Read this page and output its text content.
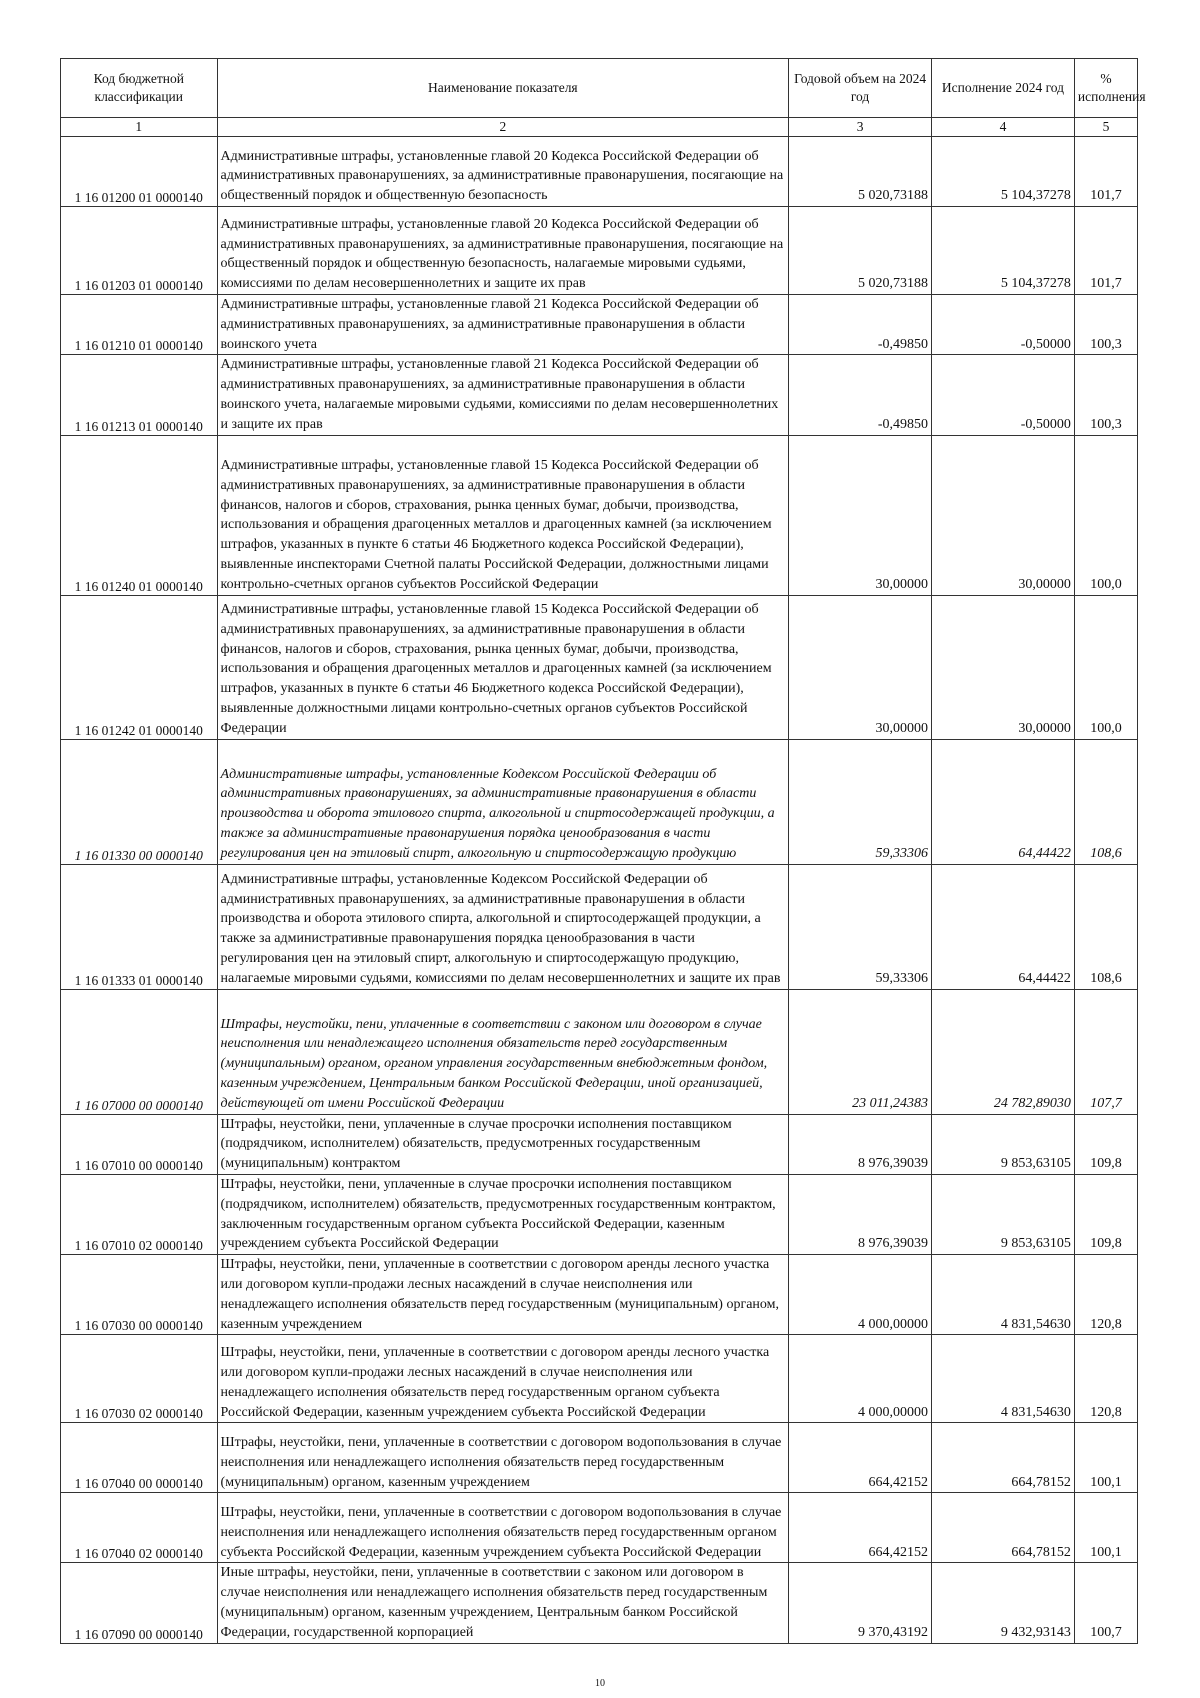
Код бюджетной классификации	Наименование показателя	Годовой объем на 2024 год	Исполнение 2024 год	% исполнения
1	2	3	4	5
1 16 01200 01 0000140	Административные штрафы, установленные главой 20 Кодекса Российской Федерации об административных правонарушениях, за административные правонарушения, посягающие на общественный порядок и общественную безопасность	5 020,73188	5 104,37278	101,7
1 16 01203 01 0000140	Административные штрафы, установленные главой 20 Кодекса Российской Федерации об административных правонарушениях, за административные правонарушения, посягающие на общественный порядок и общественную безопасность, налагаемые мировыми судьями, комиссиями по делам несовершеннолетних и защите их прав	5 020,73188	5 104,37278	101,7
1 16 01210 01 0000140	Административные штрафы, установленные главой 21 Кодекса Российской Федерации об административных правонарушениях, за административные правонарушения в области воинского учета	-0,49850	-0,50000	100,3
1 16 01213 01 0000140	Административные штрафы, установленные главой 21 Кодекса Российской Федерации об административных правонарушениях, за административные правонарушения в области воинского учета, налагаемые мировыми судьями, комиссиями по делам несовершеннолетних и защите их прав	-0,49850	-0,50000	100,3
1 16 01240 01 0000140	Административные штрафы, установленные главой 15 Кодекса Российской Федерации об административных правонарушениях, за административные правонарушения в области финансов, налогов и сборов, страхования, рынка ценных бумаг, добычи, производства, использования и обращения драгоценных металлов и драгоценных камней (за исключением штрафов, указанных в пункте 6 статьи 46 Бюджетного кодекса Российской Федерации), выявленные инспекторами Счетной палаты Российской Федерации, должностными лицами контрольно-счетных органов субъектов Российской Федерации	30,00000	30,00000	100,0
1 16 01242 01 0000140	Административные штрафы, установленные главой 15 Кодекса Российской Федерации об административных правонарушениях, за административные правонарушения в области финансов, налогов и сборов, страхования, рынка ценных бумаг, добычи, производства, использования и обращения драгоценных металлов и драгоценных камней (за исключением штрафов, указанных в пункте 6 статьи 46 Бюджетного кодекса Российской Федерации), выявленные должностными лицами контрольно-счетных органов субъектов Российской Федерации	30,00000	30,00000	100,0
1 16 01330 00 0000140	Административные штрафы, установленные Кодексом Российской Федерации об административных правонарушениях, за административные правонарушения в области производства и оборота этилового спирта, алкогольной и спиртосодержащей продукции, а также за административные правонарушения порядка ценообразования в части регулирования цен на этиловый спирт, алкогольную и спиртосодержащую продукцию	59,33306	64,44422	108,6
1 16 01333 01 0000140	Административные штрафы, установленные Кодексом Российской Федерации об административных правонарушениях, за административные правонарушения в области производства и оборота этилового спирта, алкогольной и спиртосодержащей продукции, а также за административные правонарушения порядка ценообразования в части регулирования цен на этиловый спирт, алкогольную и спиртосодержащую продукцию, налагаемые мировыми судьями, комиссиями по делам несовершеннолетних и защите их прав	59,33306	64,44422	108,6
1 16 07000 00 0000140	Штрафы, неустойки, пени, уплаченные в соответствии с законом или договором в случае неисполнения или ненадлежащего исполнения обязательств перед государственным (муниципальным) органом, органом управления государственным внебюджетным фондом, казенным учреждением, Центральным банком Российской Федерации, иной организацией, действующей от имени Российской Федерации	23 011,24383	24 782,89030	107,7
1 16 07010 00 0000140	Штрафы, неустойки, пени, уплаченные в случае просрочки исполнения поставщиком (подрядчиком, исполнителем) обязательств, предусмотренных государственным (муниципальным) контрактом	8 976,39039	9 853,63105	109,8
1 16 07010 02 0000140	Штрафы, неустойки, пени, уплаченные в случае просрочки исполнения поставщиком (подрядчиком, исполнителем) обязательств, предусмотренных государственным контрактом, заключенным государственным органом субъекта Российской Федерации, казенным учреждением субъекта Российской Федерации	8 976,39039	9 853,63105	109,8
1 16 07030 00 0000140	Штрафы, неустойки, пени, уплаченные в соответствии с договором аренды лесного участка или договором купли-продажи лесных насаждений в случае неисполнения или ненадлежащего исполнения обязательств перед государственным (муниципальным) органом, казенным учреждением	4 000,00000	4 831,54630	120,8
1 16 07030 02 0000140	Штрафы, неустойки, пени, уплаченные в соответствии с договором аренды лесного участка или договором купли-продажи лесных насаждений в случае неисполнения или ненадлежащего исполнения обязательств перед государственным органом субъекта Российской Федерации, казенным учреждением субъекта Российской Федерации	4 000,00000	4 831,54630	120,8
1 16 07040 00 0000140	Штрафы, неустойки, пени, уплаченные в соответствии с договором водопользования в случае неисполнения или ненадлежащего исполнения обязательств перед государственным (муниципальным) органом, казенным учреждением	664,42152	664,78152	100,1
1 16 07040 02 0000140	Штрафы, неустойки, пени, уплаченные в соответствии с договором водопользования в случае неисполнения или ненадлежащего исполнения обязательств перед государственным органом субъекта Российской Федерации, казенным учреждением субъекта Российской Федерации	664,42152	664,78152	100,1
1 16 07090 00 0000140	Иные штрафы, неустойки, пени, уплаченные в соответствии с законом или договором в случае неисполнения или ненадлежащего исполнения обязательств перед государственным (муниципальным) органом, казенным учреждением, Центральным банком Российской Федерации, государственной корпорацией	9 370,43192	9 432,93143	100,7
10
